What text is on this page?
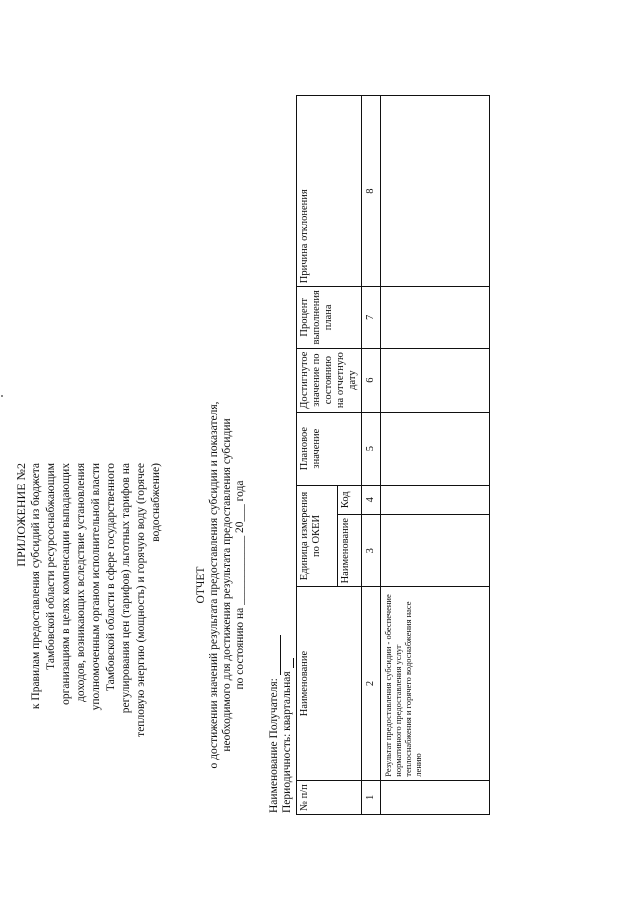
ПРИЛОЖЕНИЕ №2 к Правилам предоставления субсидий из бюджета Тамбовской области ресурсоснабжающим организациям в целях компенсации выпадающих доходов, возникающих вследствие установления уполномоченным органом исполнительной власти Тамбовской области в сфере государственного регулирования цен (тарифов) льготных тарифов на тепловую энергию (мощность) и горячую воду (горячее водоснабжение)
ОТЧЕТ о достижении значений результата предоставления субсидии и показателя, необходимого для достижения результата предоставления субсидии по состоянию на ____________ 20___ года
Наименование Получателя: Периодичность: квартальная
№ п/п	Наименование	Единица измерения по ОКЕИ		Плановое значение	Достигнутое значение по состоянию на отчетную дату	Процент выполнения плана	Причина отклонения
		Наименование	Код				
1	2	3	4	5	6	7	8
	Результат предоставления субсидии - обеспечение нормативного предоставления услуг теплоснабжения и горячего водоснабжения насе лению						
